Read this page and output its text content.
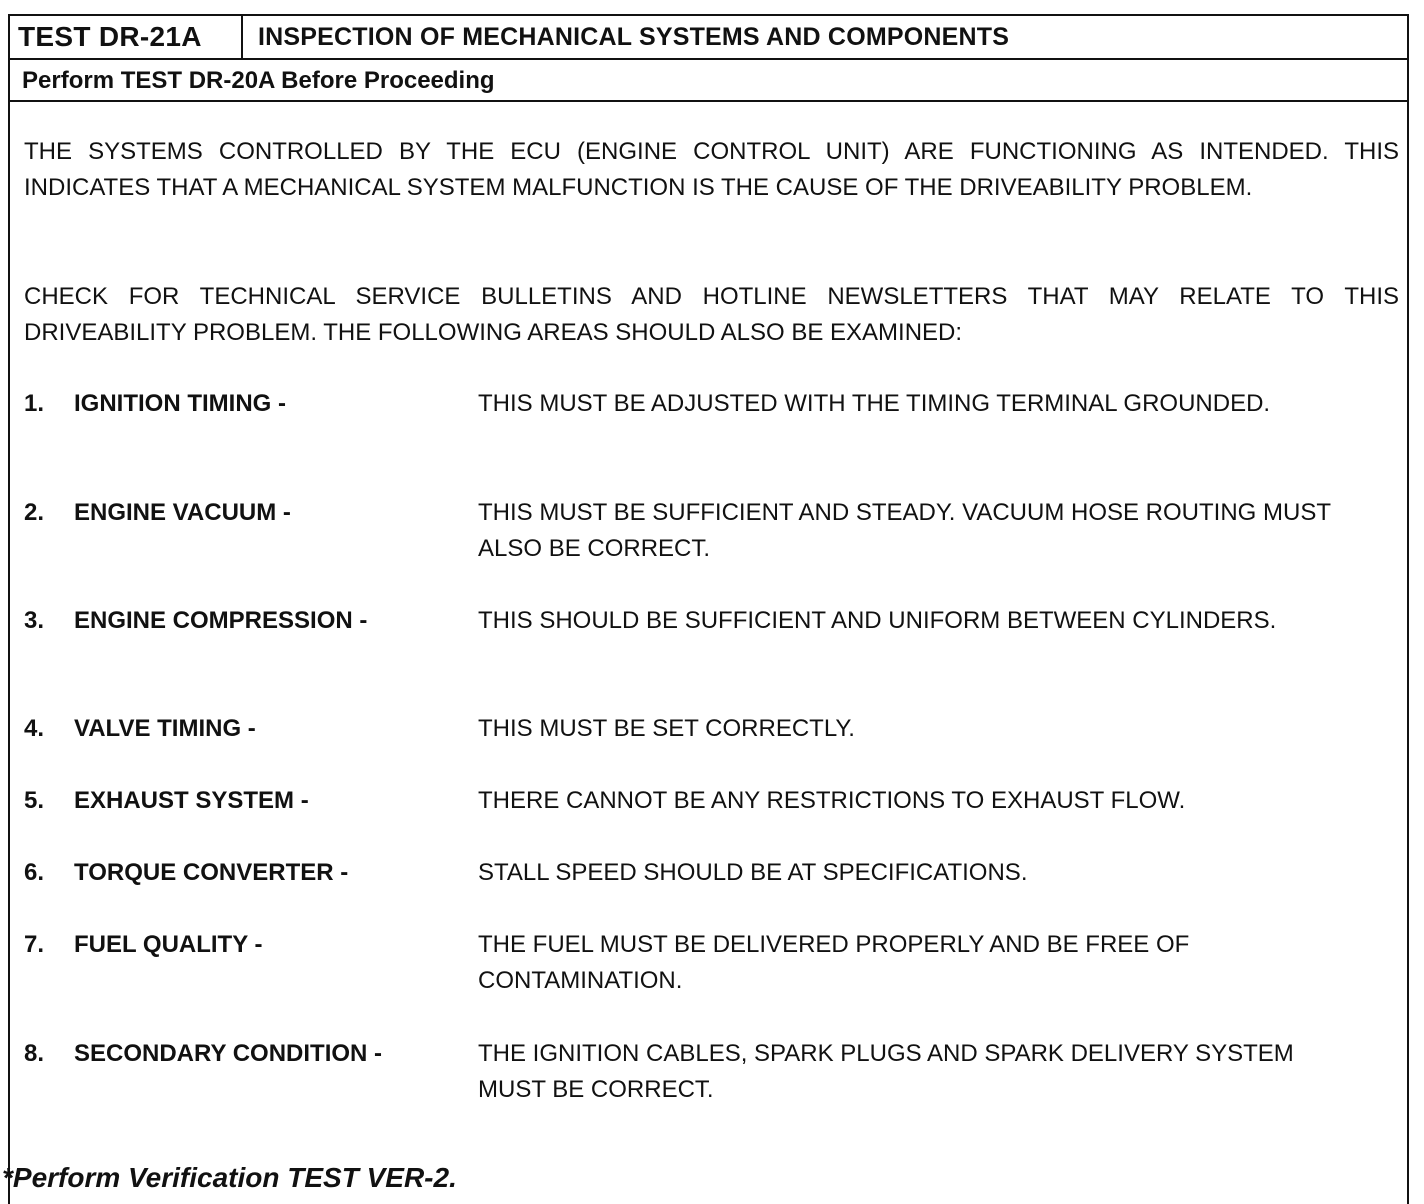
TEST DR-21A	INSPECTION OF MECHANICAL SYSTEMS AND COMPONENTS
Perform TEST DR-20A Before Proceeding
THE SYSTEMS CONTROLLED BY THE ECU (ENGINE CONTROL UNIT) ARE FUNCTIONING AS INTENDED. THIS INDICATES THAT A MECHANICAL SYSTEM MALFUNCTION IS THE CAUSE OF THE DRIVEABILITY PROBLEM.
CHECK FOR TECHNICAL SERVICE BULLETINS AND HOTLINE NEWSLETTERS THAT MAY RELATE TO THIS DRIVEABILITY PROBLEM. THE FOLLOWING AREAS SHOULD ALSO BE EXAMINED:
1. IGNITION TIMING -	THIS MUST BE ADJUSTED WITH THE TIMING TERMINAL GROUNDED.
2. ENGINE VACUUM -	THIS MUST BE SUFFICIENT AND STEADY. VACUUM HOSE ROUTING MUST ALSO BE CORRECT.
3. ENGINE COMPRESSION -	THIS SHOULD BE SUFFICIENT AND UNIFORM BETWEEN CYLINDERS.
4. VALVE TIMING -	THIS MUST BE SET CORRECTLY.
5. EXHAUST SYSTEM -	THERE CANNOT BE ANY RESTRICTIONS TO EXHAUST FLOW.
6. TORQUE CONVERTER -	STALL SPEED SHOULD BE AT SPECIFICATIONS.
7. FUEL QUALITY -	THE FUEL MUST BE DELIVERED PROPERLY AND BE FREE OF CONTAMINATION.
8. SECONDARY CONDITION -	THE IGNITION CABLES, SPARK PLUGS AND SPARK DELIVERY SYSTEM MUST BE CORRECT.
*Perform Verification TEST VER-2.
